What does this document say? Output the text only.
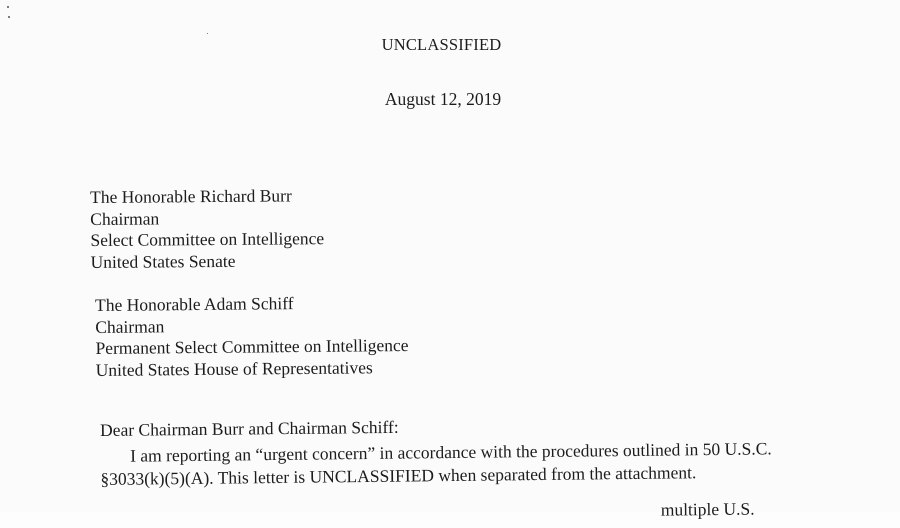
UNCLASSIFIED
August 12, 2019
The Honorable Richard Burr
Chairman
Select Committee on Intelligence
United States Senate
The Honorable Adam Schiff
Chairman
Permanent Select Committee on Intelligence
United States House of Representatives
Dear Chairman Burr and Chairman Schiff:
I am reporting an “urgent concern” in accordance with the procedures outlined in 50 U.S.C.
§3033(k)(5)(A). This letter is UNCLASSIFIED when separated from the attachment.
multiple U.S.
